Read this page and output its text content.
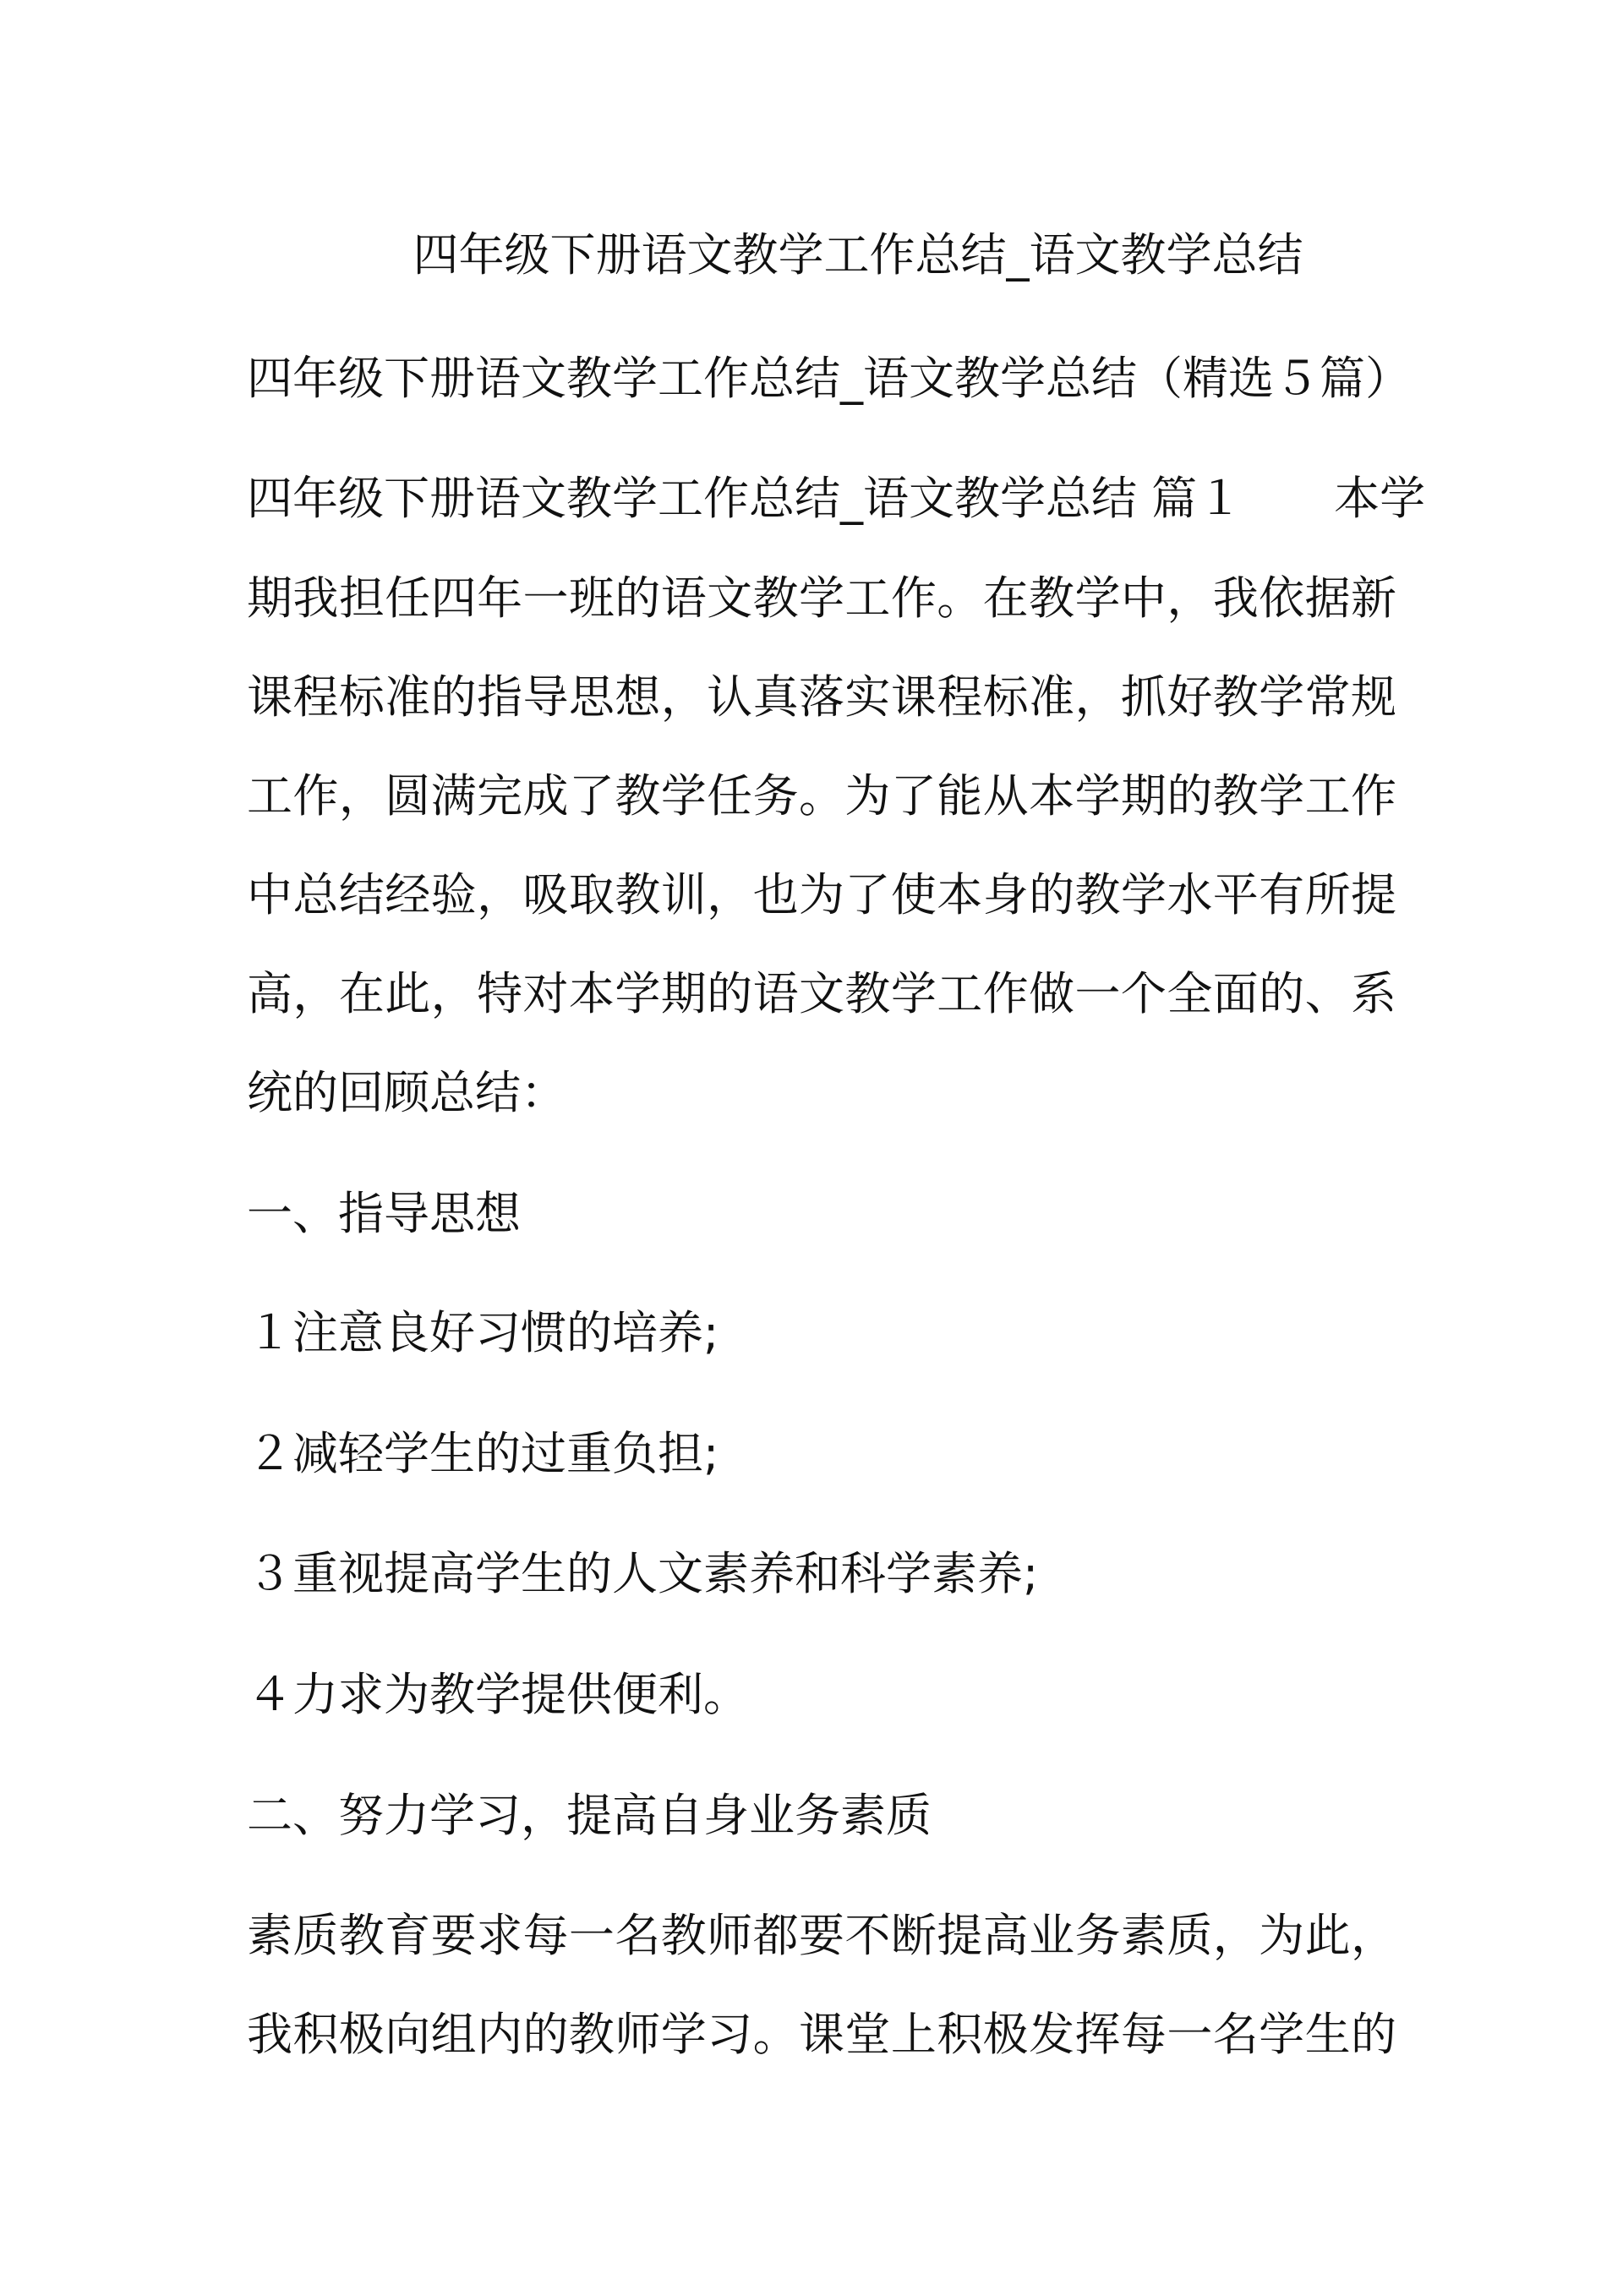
四年级下册语文教学工作总结_语文教学总结
四年级下册语文教学工作总结_语文教学总结（精选５篇）
四年级下册语文教学工作总结_语文教学总结 篇１ 本学
期我担任四年一班的语文教学工作。在教学中，我依据新
课程标准的指导思想，认真落实课程标准，抓好教学常规
工作，圆满完成了教学任务。为了能从本学期的教学工作
中总结经验，吸取教训，也为了使本身的教学水平有所提
高，在此，特对本学期的语文教学工作做一个全面的、系
统的回顾总结：
一、指导思想
１注意良好习惯的培养;
２减轻学生的过重负担;
３重视提高学生的人文素养和科学素养;
４力求为教学提供便利。
二、努力学习，提高自身业务素质
素质教育要求每一名教师都要不断提高业务素质，为此，
我积极向组内的教师学习。课堂上积极发挥每一名学生的
